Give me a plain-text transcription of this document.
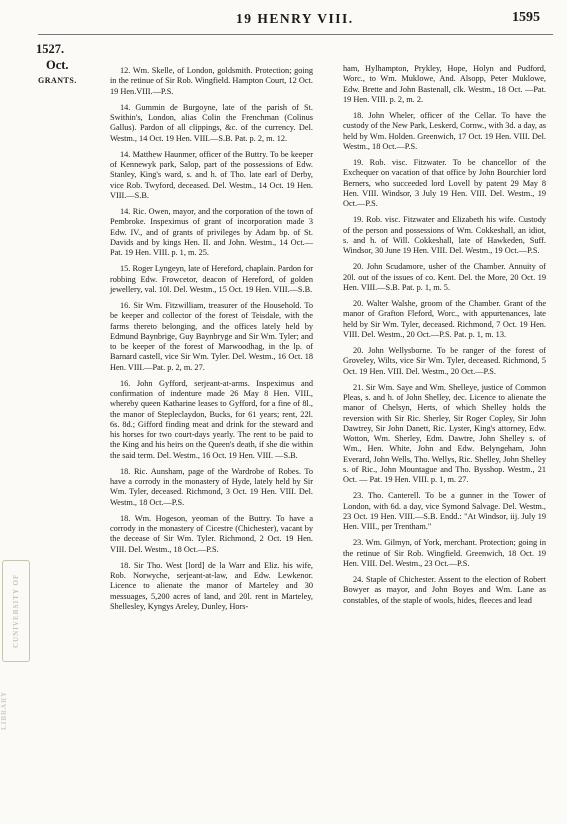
19 HENRY VIII.	1595
1527.
Oct.
GRANTS.
CUNIVERSITY OF
LIBRARY

12. Wm. Skelle, of London, goldsmith. Protection; going in the retinue of Sir Rob. Wingfield. Hampton Court, 12 Oct. 19 Hen.VIII.—P.S.

14. Gummin de Burgoyne, late of the parish of St. Swithin's, London, alias Colin the Frenchman (Colinus Gallus). Pardon of all clippings, &c. of the currency. Del. Westm., 14 Oct. 19 Hen. VIII.—S.B. Pat. p. 2, m. 12.

14. Matthew Haunmer, officer of the Buttry. To be keeper of Kennewyk park, Salop, part of the possessions of Edw. Stanley, King's ward, s. and h. of Tho. late earl of Derby, vice Rob. Twyford, deceased. Del. Westm., 14 Oct. 19 Hen. VIII.—S.B.

14. Ric. Owen, mayor, and the corporation of the town of Pembroke. Inspeximus of grant of incorporation made 3 Edw. IV., and of grants of privileges by Adam bp. of St. Davids and by kings Hen. II. and John. Westm., 14 Oct.—Pat. 19 Hen. VIII. p. 1, m. 25.

15. Roger Lyngeyn, late of Hereford, chaplain. Pardon for robbing Edw. Frowcetor, deacon of Hereford, of golden jewellery, val. 10l. Del. Westm., 15 Oct. 19 Hen. VIII.—S.B.

16. Sir Wm. Fitzwilliam, treasurer of the Household. To be keeper and collector of the forest of Teisdale, with the farms thereto belonging, and the offices lately held by Edmund Baynbrige, Guy Baynbryge and Sir Wm. Tyler; and to be keeper of the forest of Marwoodhag, in the lp. of Barnard castell, vice Sir Wm. Tyler. Del. Westm., 16 Oct. 18 Hen. VIII.—Pat. p. 2, m. 27.

16. John Gyfford, serjeant-at-arms. Inspeximus and confirmation of indenture made 26 May 8 Hen. VIII., whereby queen Katharine leases to Gyfford, for a fine of 8l., the manor of Stepleclaydon, Bucks, for 61 years; rent, 22l. 6s. 8d.; Gifford finding meat and drink for the steward and his horses for two court-days yearly. The rent to be paid to the King and his heirs on the Queen's death, if she die within the said term. Del. Westm., 16 Oct. 19 Hen. VIII. —S.B.

18. Ric. Aunsham, page of the Wardrobe of Robes. To have a corrody in the monastery of Hyde, lately held by Sir Wm. Tyler, deceased. Richmond, 3 Oct. 19 Hen. VIII. Del. Westm., 18 Oct.—P.S.

18. Wm. Hogeson, yeoman of the Buttry. To have a corrody in the monastery of Cicestre (Chichester), vacant by the decease of Sir Wm. Tyler. Richmond, 2 Oct. 19 Hen. VIII. Del. Westm., 18 Oct.—P.S.

18. Sir Tho. West [lord] de la Warr and Eliz. his wife, Rob. Norwyche, serjeant-at-law, and Edw. Lewkenor. Licence to alienate the manor of Marteley and 30 messuages, 5,200 acres of land, and 20l. rent in Marteley, Shellesley, Kyngys Areley, Dunley, Hors-

ham, Hylhampton, Prykley, Hope, Holyn and Pudford, Worc., to Wm. Muklowe, And. Alsopp, Peter Muklowe, Edw. Brette and John Bastenall, clk. Westm., 18 Oct. —Pat. 19 Hen. VIII. p. 2, m. 2.

18. John Wheler, officer of the Cellar. To have the custody of the New Park, Leskerd, Cornw., with 3d. a day, as held by Wm. Holden. Greenwich, 17 Oct. 19 Hen. VIII. Del. Westm., 18 Oct.—P.S.

19. Rob. visc. Fitzwater. To be chancellor of the Exchequer on vacation of that office by John Bourchier lord Berners, who succeeded lord Lovell by patent 29 May 8 Hen. VIII. Windsor, 3 July 19 Hen. VIII. Del. Westm., 19 Oct.—P.S.

19. Rob. visc. Fitzwater and Elizabeth his wife. Custody of the person and possessions of Wm. Cokkeshall, an idiot, s. and h. of Will. Cokkeshall, late of Hawkeden, Suff. Windsor, 30 June 19 Hen. VIII. Del. Westm., 19 Oct.—P.S.

20. John Scudamore, usher of the Chamber. Annuity of 20l. out of the issues of co. Kent. Del. the More, 20 Oct. 19 Hen. VIII.—S.B. Pat. p. 1, m. 5.

20. Walter Walshe, groom of the Chamber. Grant of the manor of Grafton Fleford, Worc., with appurtenances, late held by Sir Wm. Tyler, deceased. Richmond, 7 Oct. 19 Hen. VIII. Del. Westm., 20 Oct.—P.S. Pat. p. 1, m. 13.

20. John Wellysborne. To be ranger of the forest of Groveley, Wilts, vice Sir Wm. Tyler, deceased. Richmond, 5 Oct. 19 Hen. VIII. Del. Westm., 20 Oct.—P.S.

21. Sir Wm. Saye and Wm. Shelleye, justice of Common Pleas, s. and h. of John Shelley, dec. Licence to alienate the manor of Chelsyn, Herts, of which Shelley holds the reversion with Sir Ric. Sherley, Sir Roger Copley, Sir John Dawtrey, Sir John Danett, Ric. Lyster, King's attorney, Edw. Wotton, Wm. Sherley, Edm. Dawtre, John Shelley s. of Wm., Hen. White, John and Edw. Belyngeham, John Everard, John Wells, Tho. Wellys, Ric. Shelley, John Shelley s. of Ric., John Mountague and Tho. Bysshop. Westm., 21 Oct. — Pat. 19 Hen. VIII. p. 1, m. 27.

23. Tho. Canterell. To be a gunner in the Tower of London, with 6d. a day, vice Symond Salvage. Del. Westm., 23 Oct. 19 Hen. VIII.—S.B. Endd.: "At Windsor, iij. July 19 Hen. VIII., per Trentham."

23. Wm. Gilmyn, of York, merchant. Protection; going in the retinue of Sir Rob. Wingfield. Greenwich, 18 Oct. 19 Hen. VIII. Del. Westm., 23 Oct.—P.S.

24. Staple of Chichester. Assent to the election of Robert Bowyer as mayor, and John Boyes and Wm. Lane as constables, of the staple of wools, hides, fleeces and lead
